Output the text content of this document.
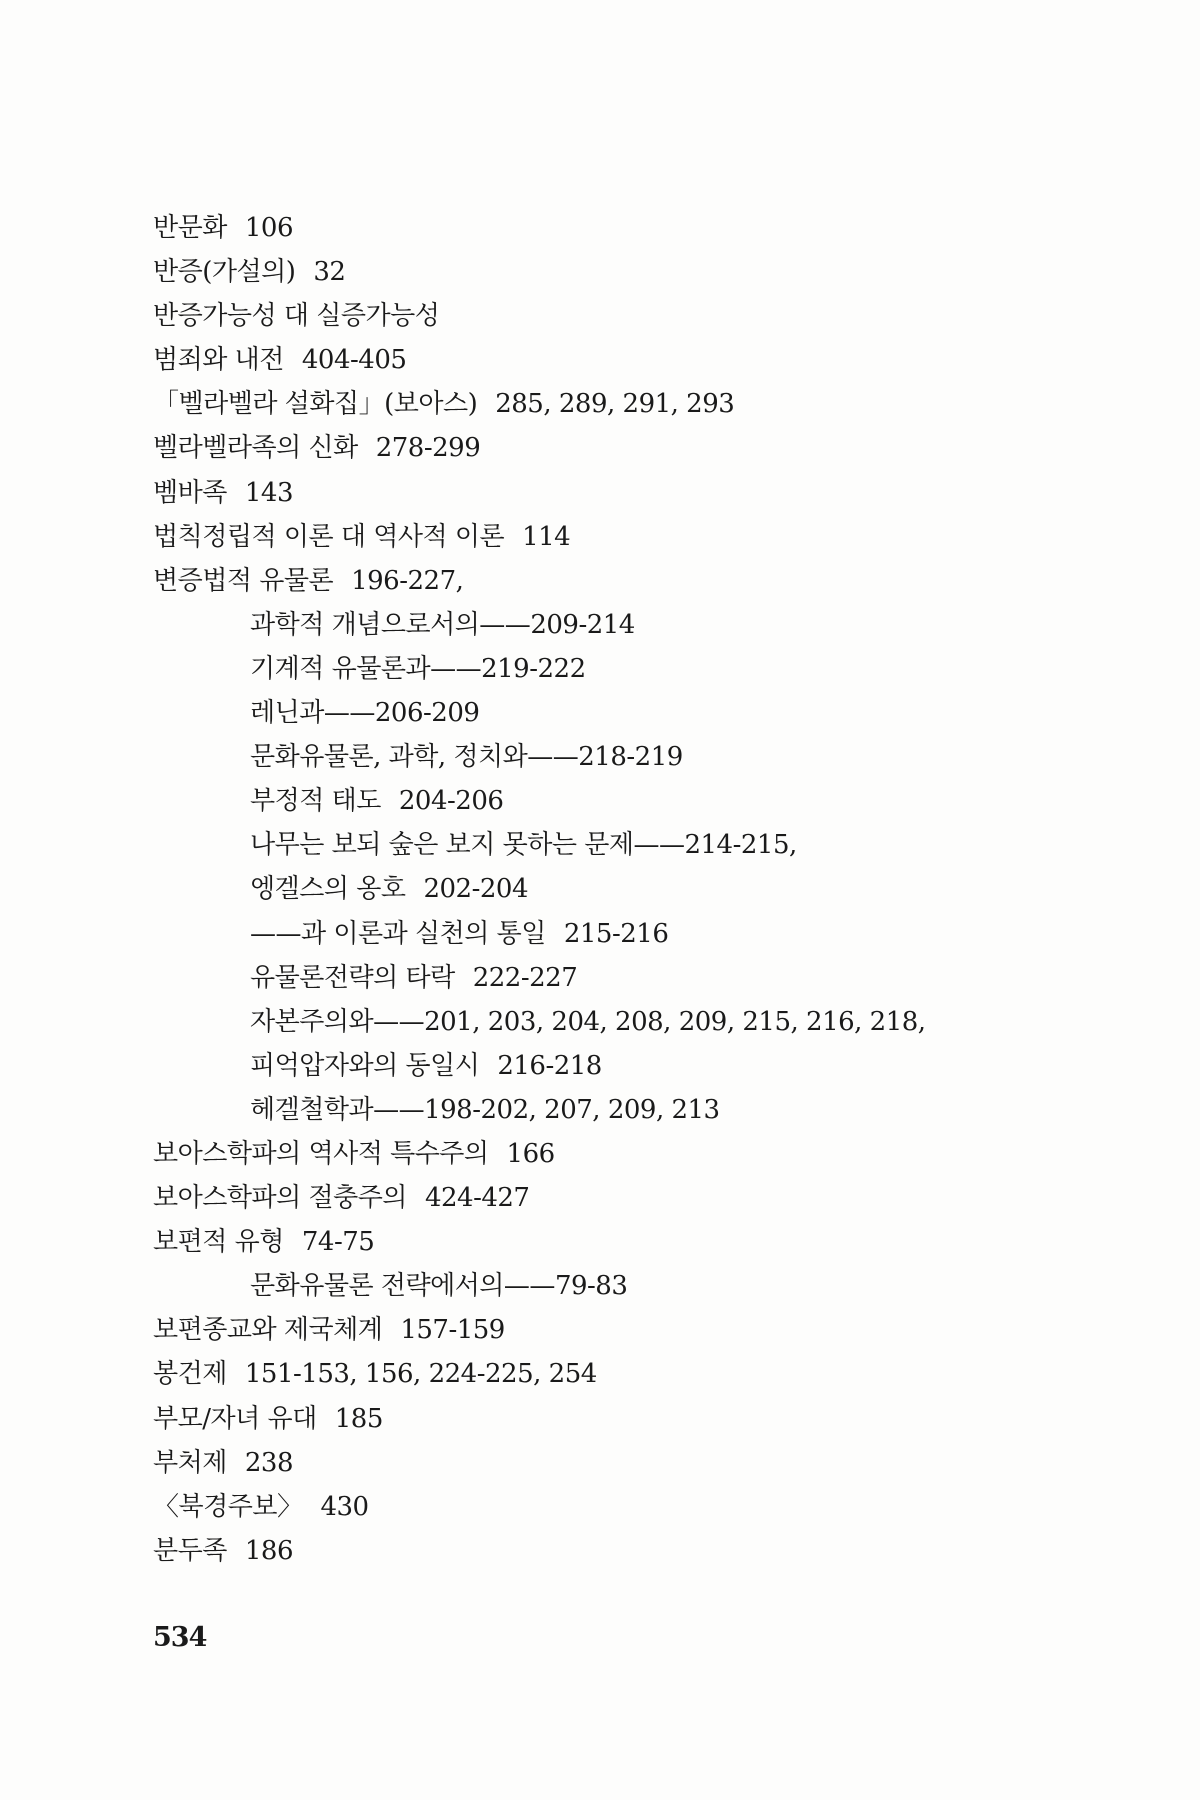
반문화 106
반증(가설의) 32
반증가능성 대 실증가능성
범죄와 내전 404-405
「벨라벨라 설화집」(보아스) 285, 289, 291, 293
벨라벨라족의 신화 278-299
벰바족 143
법칙정립적 이론 대 역사적 이론 114
변증법적 유물론 196-227,
과학적 개념으로서의——209-214
기계적 유물론과——219-222
레닌과——206-209
문화유물론, 과학, 정치와——218-219
부정적 태도 204-206
나무는 보되 숲은 보지 못하는 문제——214-215,
엥겔스의 옹호 202-204
——과 이론과 실천의 통일 215-216
유물론전략의 타락 222-227
자본주의와——201, 203, 204, 208, 209, 215, 216, 218,
피억압자와의 동일시 216-218
헤겔철학과——198-202, 207, 209, 213
보아스학파의 역사적 특수주의 166
보아스학파의 절충주의 424-427
보편적 유형 74-75
문화유물론 전략에서의——79-83
보편종교와 제국체계 157-159
봉건제 151-153, 156, 224-225, 254
부모/자녀 유대 185
부처제 238
〈북경주보〉 430
분두족 186
534
